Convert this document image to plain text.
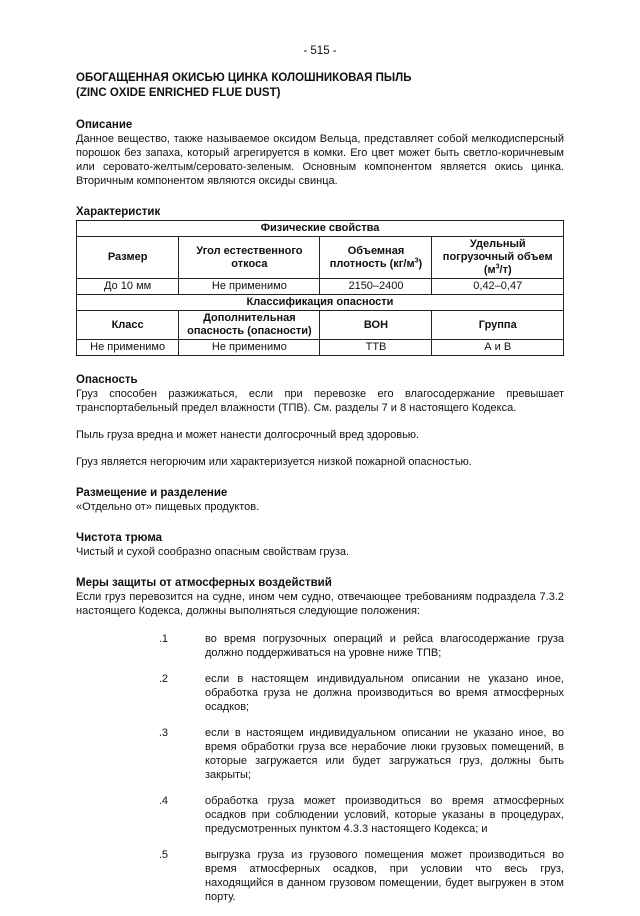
- 515 -
ОБОГАЩЕННАЯ ОКИСЬЮ ЦИНКА КОЛОШНИКОВАЯ ПЫЛЬ
(ZINC OXIDE ENRICHED FLUE DUST)
Описание

Данное вещество, также называемое оксидом Вельца, представляет собой мелкодисперсный порошок без запаха, который агрегируется в комки. Его цвет может быть светло-коричневым или серовато-желтым/серовато-зеленым. Основным компонентом является окись цинка. Вторичным компонентом являются оксиды свинца.

Характеристик
Физические свойства			
Размер	Угол естественного откоса	Объемная плотность $(кг/м^3)$	Удельный погрузочный объем $(м^3/т)$
До 10 мм	Не применимо	2150–2400	0,42–0,47
Классификация опасности			
Класс	Дополнительная опасность (опасности)	ВОН	Группа
Не применимо	Не применимо	ТТВ	А и В
Опасность

Груз способен разжижаться, если при перевозке его влагосодержание превышает транспортабельный предел влажности (ТПВ). См. разделы 7 и 8 настоящего Кодекса.

Пыль груза вредна и может нанести долгосрочный вред здоровью.

Груз является негорючим или характеризуется низкой пожарной опасностью.

Размещение и разделение

«Отдельно от» пищевых продуктов.

Чистота трюма

Чистый и сухой сообразно опасным свойствам груза.

Меры защиты от атмосферных воздействий

Если груз перевозится на судне, ином чем судно, отвечающее требованиям подраздела 7.3.2 настоящего Кодекса, должны выполняться следующие положения:

.1	во время погрузочных операций и рейса влагосодержание груза должно поддерживаться на уровне ниже ТПВ;
.2	если в настоящем индивидуальном описании не указано иное, обработка груза не должна производиться во время атмосферных осадков;
.3	если в настоящем индивидуальном описании не указано иное, во время обработки груза все нерабочие люки грузовых помещений, в которые загружается или будет загружаться груз, должны быть закрыты;
.4	обработка груза может производиться во время атмосферных осадков при соблюдении условий, которые указаны в процедурах, предусмотренных пунктом 4.3.3 настоящего Кодекса; и
.5	выгрузка груза из грузового помещения может производиться во время атмосферных осадков, при условии что весь груз, находящийся в данном грузовом помещении, будет выгружен в этом порту.
